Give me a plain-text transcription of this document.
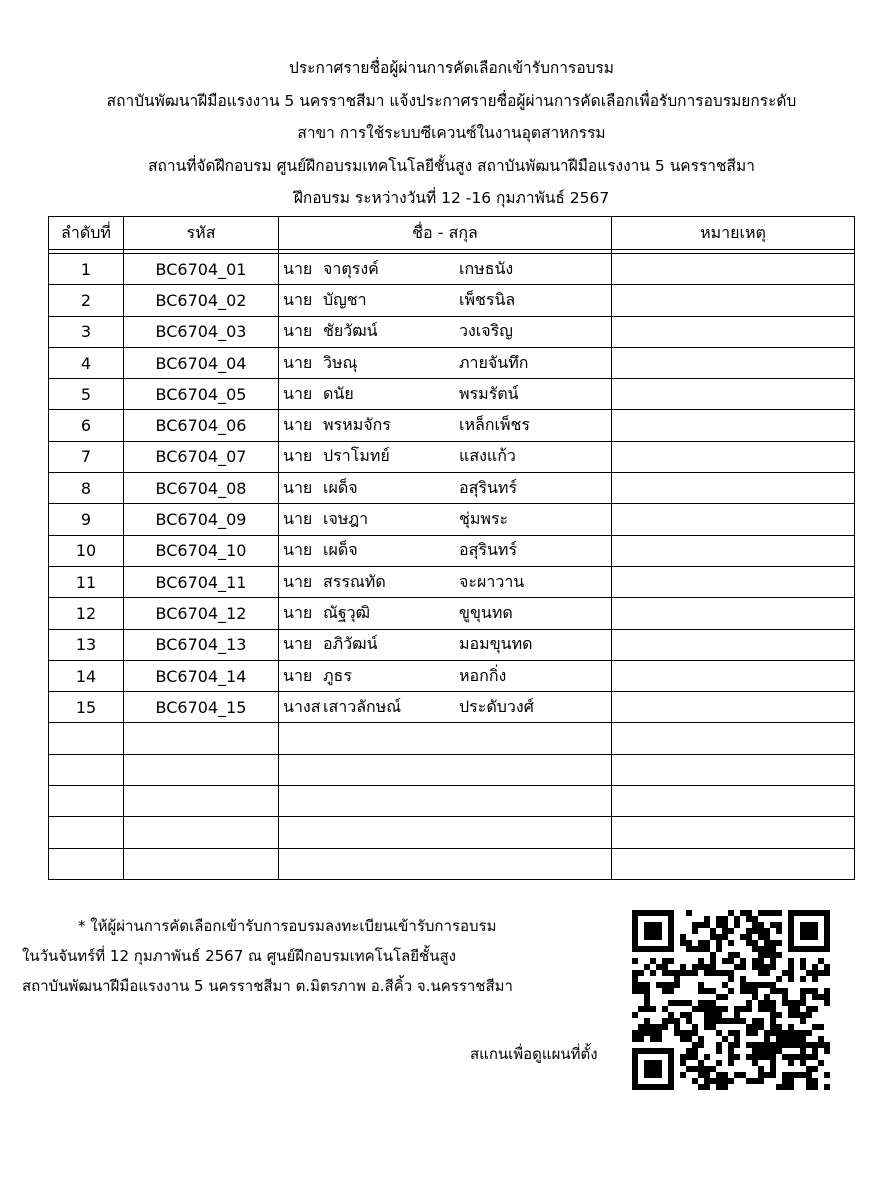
ประกาศรายชื่อผู้ผ่านการคัดเลือกเข้ารับการอบรม
สถาบันพัฒนาฝีมือแรงงาน 5 นครราชสีมา แจ้งประกาศรายชื่อผู้ผ่านการคัดเลือกเพื่อรับการอบรมยกระดับ
สาขา การใช้ระบบซีเควนซ์ในงานอุตสาหกรรม
สถานที่จัดฝึกอบรม ศูนย์ฝึกอบรมเทคโนโลยีชั้นสูง สถาบันพัฒนาฝีมือแรงงาน 5 นครราชสีมา
ฝึกอบรม ระหว่างวันที่ 12 -16 กุมภาพันธ์ 2567
ลำดับที่	รหัส	ชื่อ - สกุล	หมายเหตุ

1	BC6704_01	นาย จาตุรงค์ เกษธนัง	
2	BC6704_02	นาย บัญชา เพ็ชรนิล	
3	BC6704_03	นาย ชัยวัฒน์ วงเจริญ	
4	BC6704_04	นาย วิษณุ ภายจันทึก	
5	BC6704_05	นาย ดนัย พรมรัตน์	
6	BC6704_06	นาย พรหมจักร เหล็กเพ็ชร	
7	BC6704_07	นาย ปราโมทย์ แสงแก้ว	
8	BC6704_08	นาย เผด็จ อสุรินทร์	
9	BC6704_09	นาย เจษฎา ชุ่มพระ	
10	BC6704_10	นาย เผด็จ อสุรินทร์	
11	BC6704_11	นาย สรรณทัด จะผาวาน	
12	BC6704_12	นาย ณัฐวุฒิ ขูขุนทด	
13	BC6704_13	นาย อภิวัฒน์ มอมขุนทด	
14	BC6704_14	นาย ภูธร หอกกิ่ง	
15	BC6704_15	นางส เสาวลักษณ์ ประดับวงศ์	

* ให้ผู้ผ่านการคัดเลือกเข้ารับการอบรมลงทะเบียนเข้ารับการอบรม
ในวันจันทร์ที่ 12 กุมภาพันธ์ 2567 ณ ศูนย์ฝึกอบรมเทคโนโลยีชั้นสูง
สถาบันพัฒนาฝีมือแรงงาน 5 นครราชสีมา ต.มิตรภาพ อ.สีคิ้ว จ.นครราชสีมา
สแกนเพื่อดูแผนที่ตั้ง
